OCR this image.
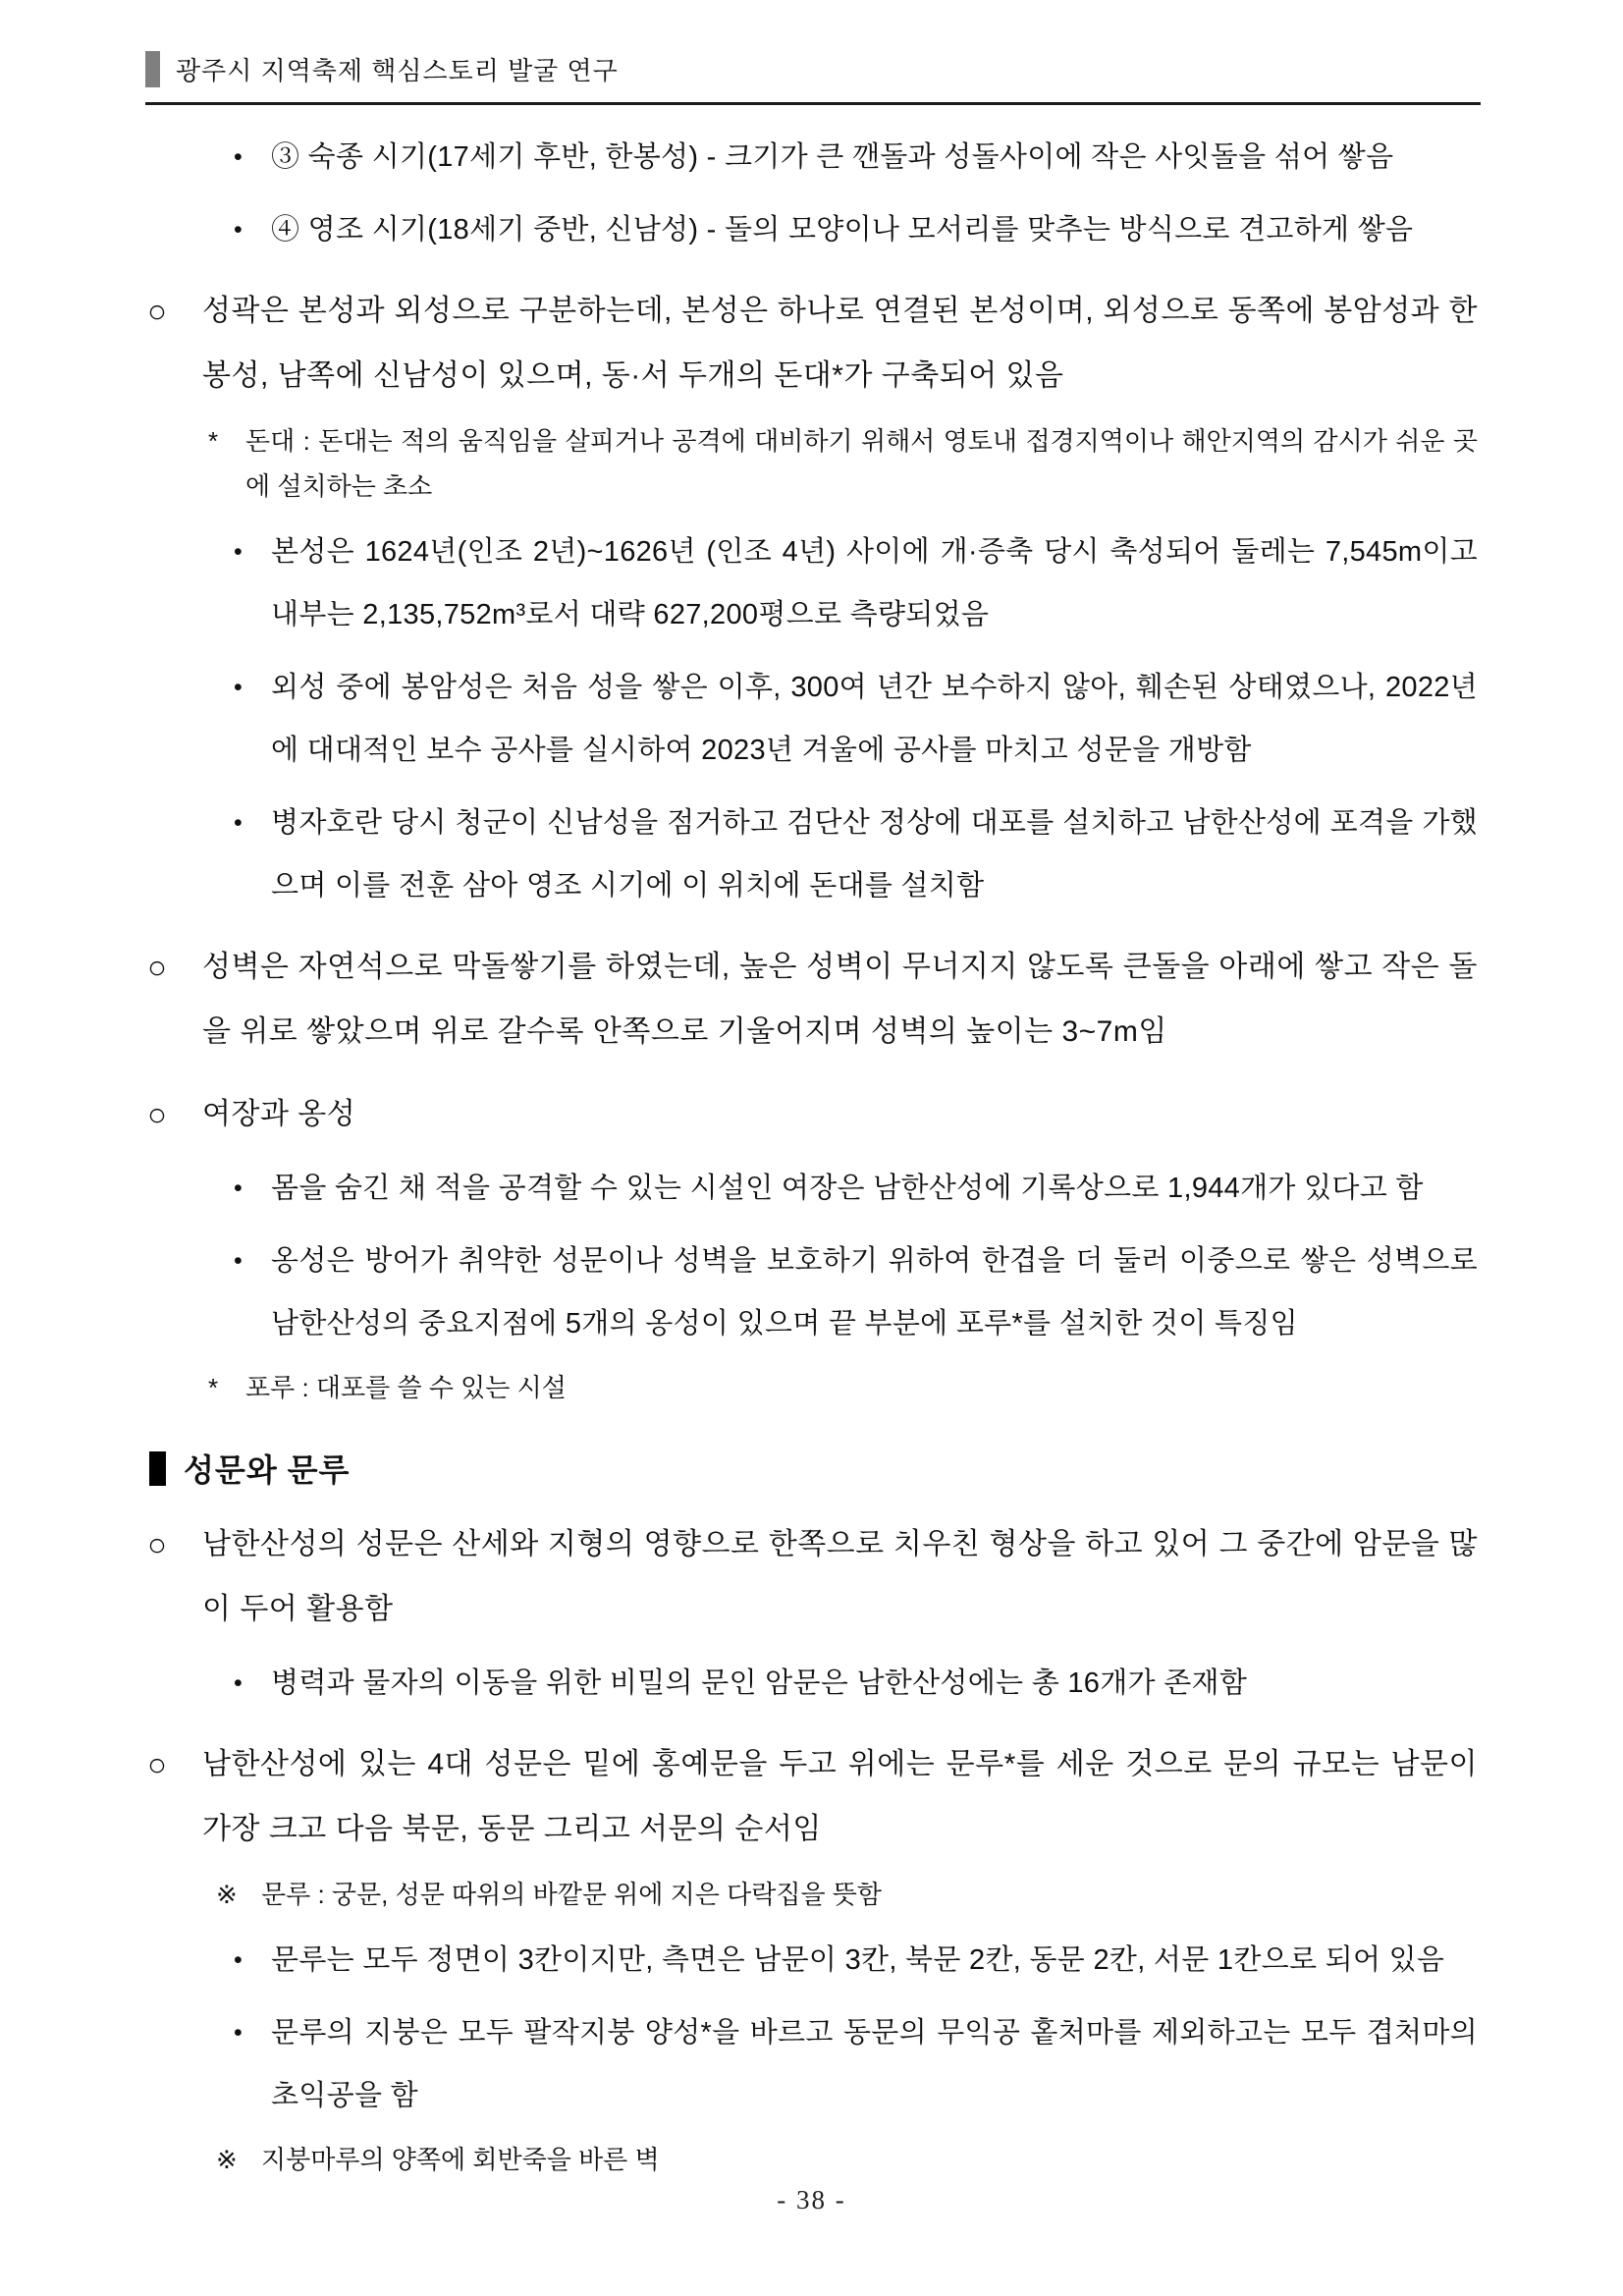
광주시 지역축제 핵심스토리 발굴 연구
•	③ 숙종 시기(17세기 후반, 한봉성) - 크기가 큰 깬돌과 성돌사이에 작은 사잇돌을 섞어 쌓음
•	④ 영조 시기(18세기 중반, 신남성) - 돌의 모양이나 모서리를 맞추는 방식으로 견고하게 쌓음
○	성곽은 본성과 외성으로 구분하는데, 본성은 하나로 연결된 본성이며, 외성으로 동쪽에 봉암성과 한봉성, 남쪽에 신남성이 있으며, 동·서 두개의 돈대*가 구축되어 있음
*	돈대 : 돈대는 적의 움직임을 살피거나 공격에 대비하기 위해서 영토내 접경지역이나 해안지역의 감시가 쉬운 곳에 설치하는 초소
•	본성은 1624년(인조 2년)~1626년 (인조 4년) 사이에 개·증축 당시 축성되어 둘레는 7,545m이고 내부는 2,135,752m³로서 대략 627,200평으로 측량되었음
•	외성 중에 봉암성은 처음 성을 쌓은 이후, 300여 년간 보수하지 않아, 훼손된 상태였으나, 2022년에 대대적인 보수 공사를 실시하여 2023년 겨울에 공사를 마치고 성문을 개방함
•	병자호란 당시 청군이 신남성을 점거하고 검단산 정상에 대포를 설치하고 남한산성에 포격을 가했으며 이를 전훈 삼아 영조 시기에 이 위치에 돈대를 설치함
○	성벽은 자연석으로 막돌쌓기를 하였는데, 높은 성벽이 무너지지 않도록 큰돌을 아래에 쌓고 작은 돌을 위로 쌓았으며 위로 갈수록 안쪽으로 기울어지며 성벽의 높이는 3~7m임
○	여장과 옹성
•	몸을 숨긴 채 적을 공격할 수 있는 시설인 여장은 남한산성에 기록상으로 1,944개가 있다고 함
•	옹성은 방어가 취약한 성문이나 성벽을 보호하기 위하여 한겹을 더 둘러 이중으로 쌓은 성벽으로 남한산성의 중요지점에 5개의 옹성이 있으며 끝 부분에 포루*를 설치한 것이 특징임
*	포루 : 대포를 쓸 수 있는 시설
성문와 문루
○	남한산성의 성문은 산세와 지형의 영향으로 한쪽으로 치우친 형상을 하고 있어 그 중간에 암문을 많이 두어 활용함
•	병력과 물자의 이동을 위한 비밀의 문인 암문은 남한산성에는 총 16개가 존재함
○	남한산성에 있는 4대 성문은 밑에 홍예문을 두고 위에는 문루*를 세운 것으로 문의 규모는 남문이 가장 크고 다음 북문, 동문 그리고 서문의 순서임
※ 문루 : 궁문, 성문 따위의 바깥문 위에 지은 다락집을 뜻함
•	문루는 모두 정면이 3칸이지만, 측면은 남문이 3칸, 북문 2칸, 동문 2칸, 서문 1칸으로 되어 있음
•	문루의 지붕은 모두 팔작지붕 양성*을 바르고 동문의 무익공 홑처마를 제외하고는 모두 겹처마의 초익공을 함
※ 지붕마루의 양쪽에 회반죽을 바른 벽
- 38 -
